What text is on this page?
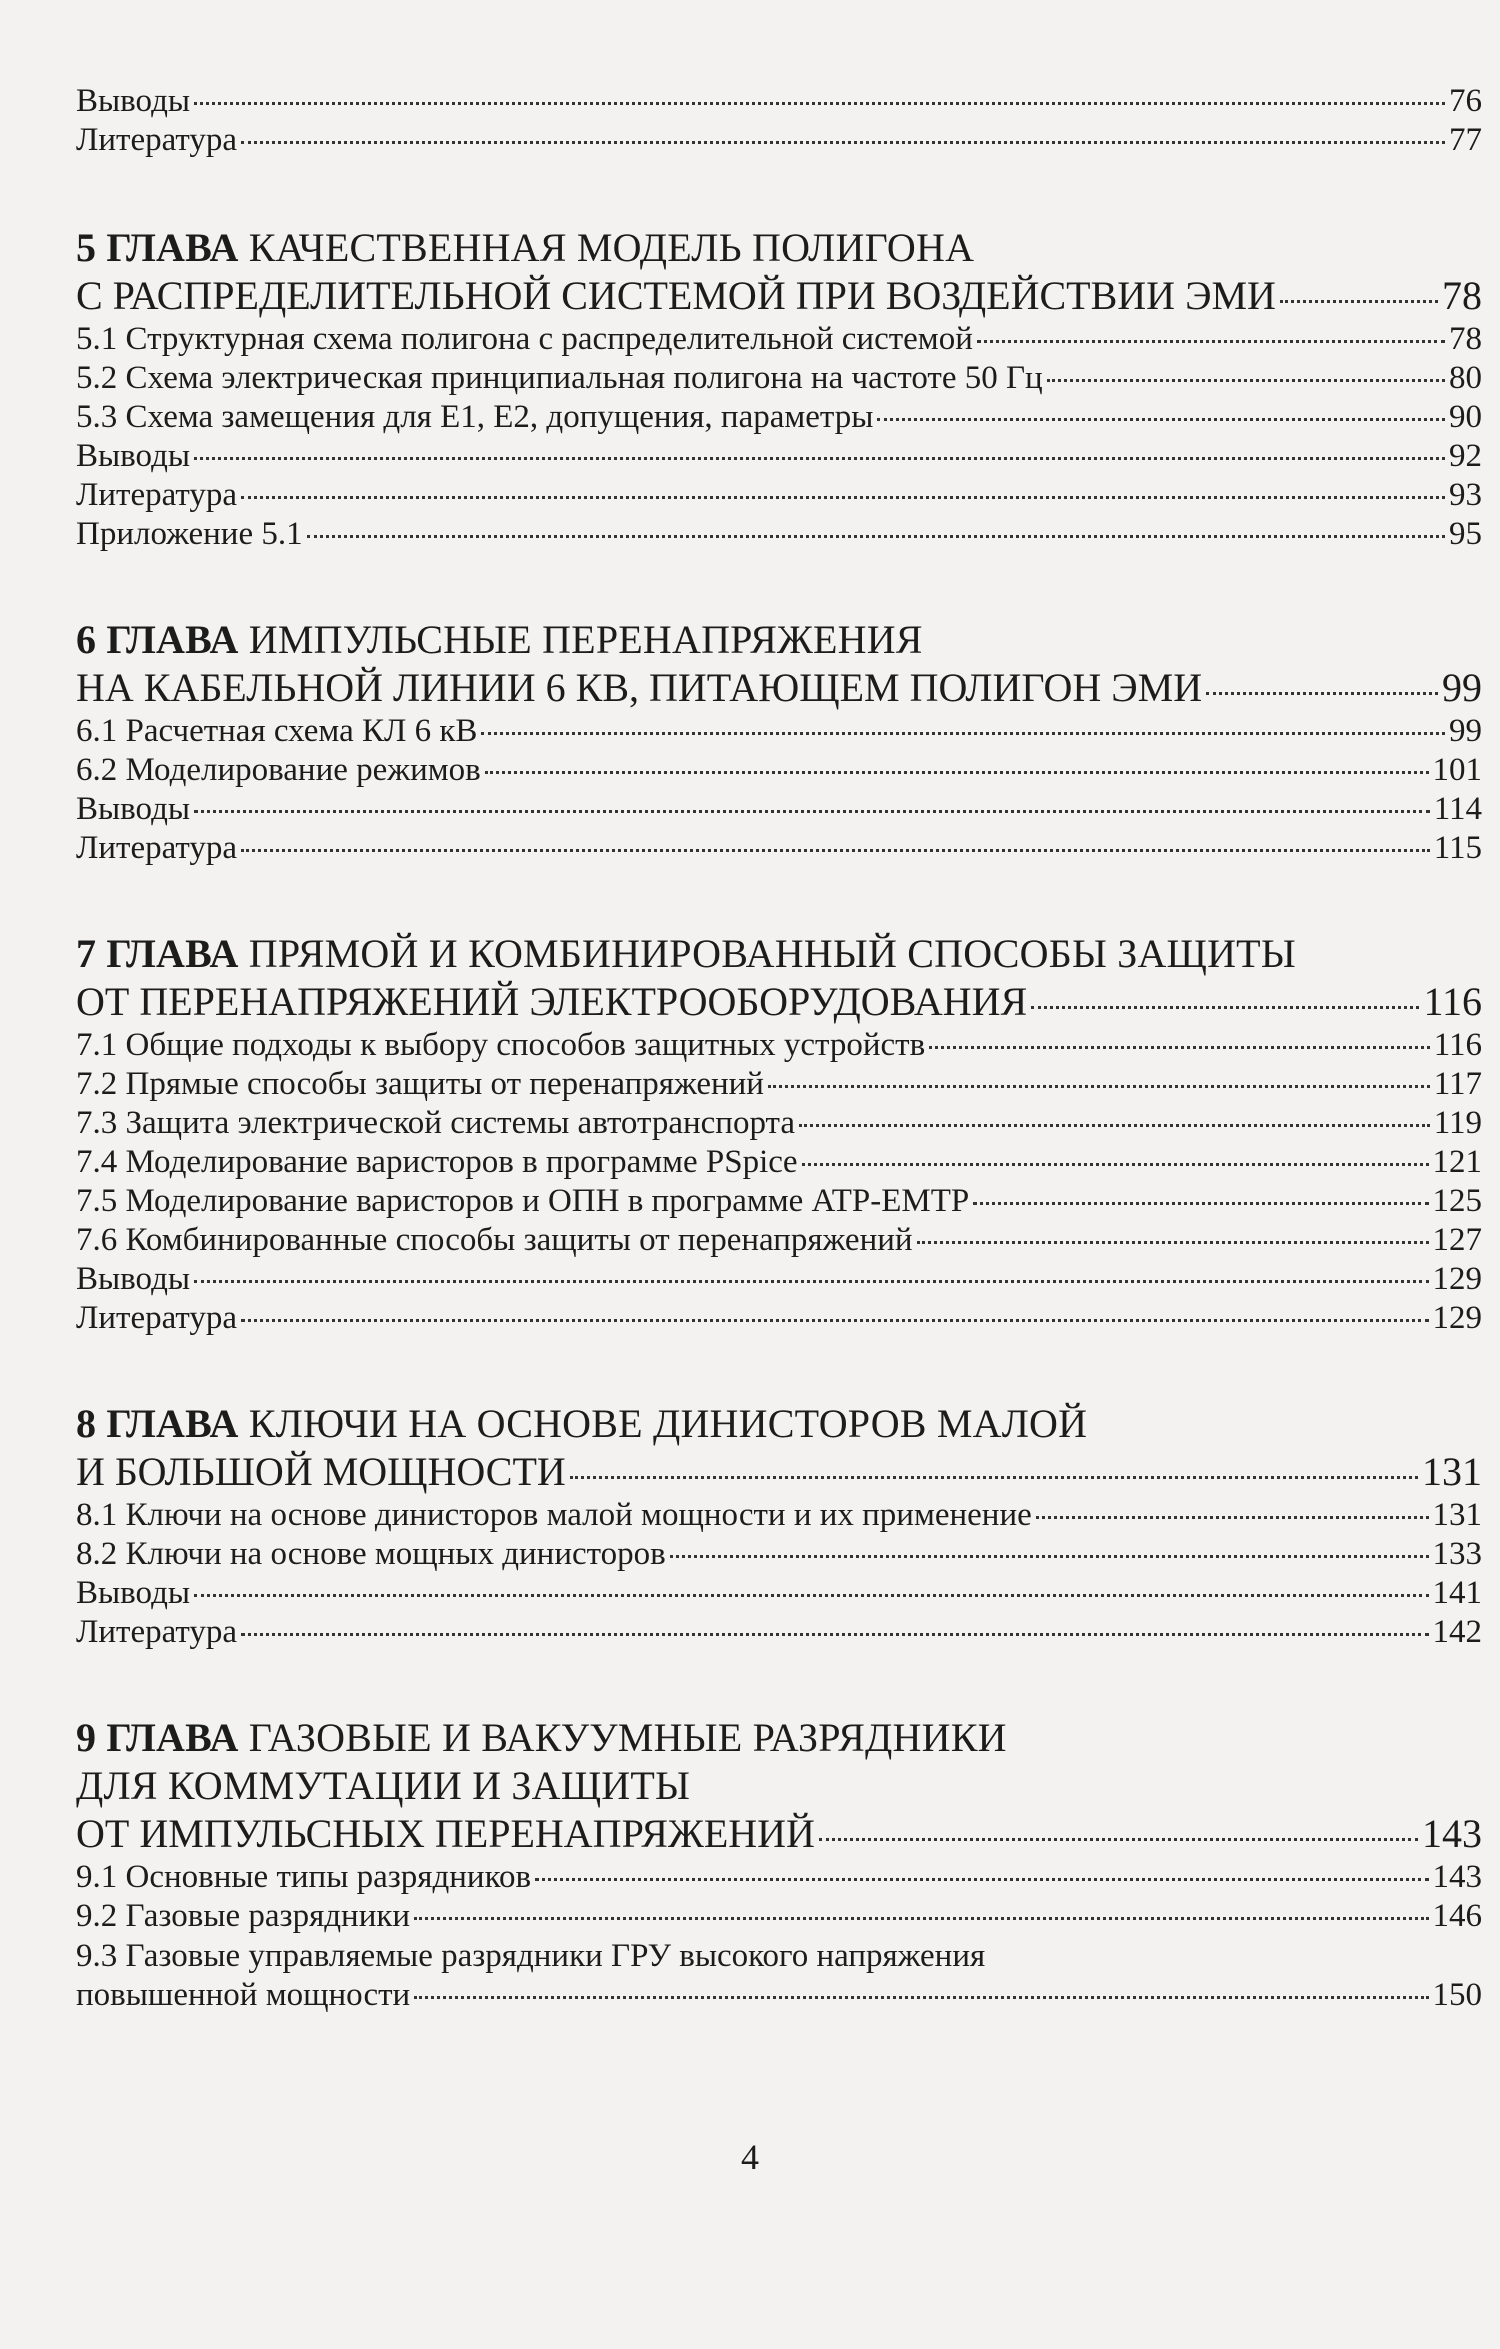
Выводы	76
Литература	77
5 ГЛАВА КАЧЕСТВЕННАЯ МОДЕЛЬ ПОЛИГОНА
С РАСПРЕДЕЛИТЕЛЬНОЙ СИСТЕМОЙ ПРИ ВОЗДЕЙСТВИИ ЭМИ	78
5.1 Структурная схема полигона с распределительной системой	78
5.2 Схема электрическая принципиальная полигона на частоте 50 Гц	80
5.3 Схема замещения для Е1, Е2, допущения, параметры	90
Выводы	92
Литература	93
Приложение 5.1	95
6 ГЛАВА ИМПУЛЬСНЫЕ ПЕРЕНАПРЯЖЕНИЯ
НА КАБЕЛЬНОЙ ЛИНИИ 6 КВ, ПИТАЮЩЕМ ПОЛИГОН ЭМИ	99
6.1 Расчетная схема КЛ 6 кВ	99
6.2 Моделирование режимов	101
Выводы	114
Литература	115
7 ГЛАВА ПРЯМОЙ И КОМБИНИРОВАННЫЙ СПОСОБЫ ЗАЩИТЫ
ОТ ПЕРЕНАПРЯЖЕНИЙ ЭЛЕКТРООБОРУДОВАНИЯ	116
7.1 Общие подходы к выбору способов защитных устройств	116
7.2 Прямые способы защиты от перенапряжений	117
7.3 Защита электрической системы автотранспорта	119
7.4 Моделирование варисторов в программе PSpice	121
7.5 Моделирование варисторов и ОПН в программе ATP-EMTP	125
7.6 Комбинированные способы защиты от перенапряжений	127
Выводы	129
Литература	129
8 ГЛАВА КЛЮЧИ НА ОСНОВЕ ДИНИСТОРОВ МАЛОЙ
И БОЛЬШОЙ МОЩНОСТИ	131
8.1 Ключи на основе динисторов малой мощности и их применение	131
8.2 Ключи на основе мощных динисторов	133
Выводы	141
Литература	142
9 ГЛАВА ГАЗОВЫЕ И ВАКУУМНЫЕ РАЗРЯДНИКИ
ДЛЯ КОММУТАЦИИ И ЗАЩИТЫ
ОТ ИМПУЛЬСНЫХ ПЕРЕНАПРЯЖЕНИЙ	143
9.1 Основные типы разрядников	143
9.2 Газовые разрядники	146
9.3 Газовые управляемые разрядники ГРУ высокого напряжения
повышенной мощности	150
4
